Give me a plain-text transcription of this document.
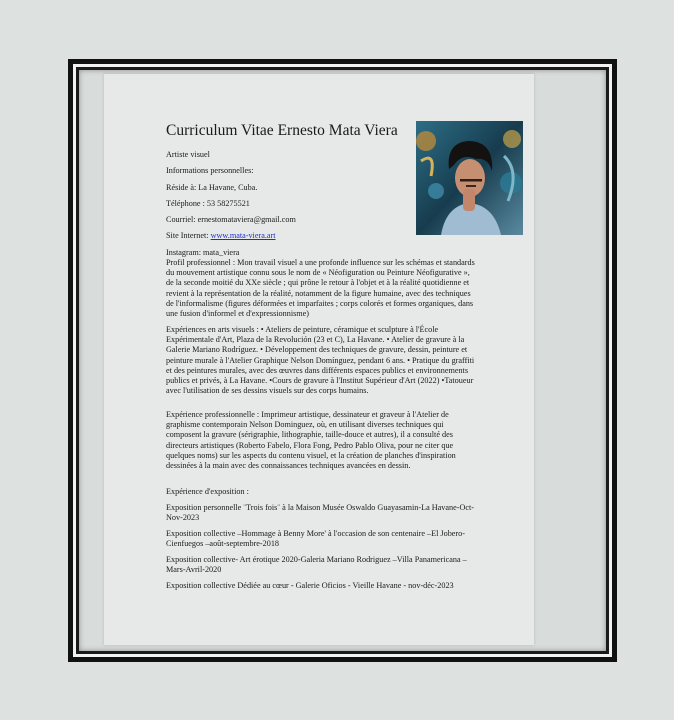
Curriculum Vitae Ernesto Mata Viera
Artiste visuel
Informations personnelles:
Réside à: La Havane, Cuba.
Téléphone : 53 58275521
Courriel: ernestomataviera@gmail.com
Site Internet: www.mata-viera.art
Instagram: mata_viera
Profil professionnel : Mon travail visuel a une profonde influence sur les schémas et standards du mouvement artistique connu sous le nom de « Néofiguration ou Peinture Néofigurative », de la seconde moitié du XXe siècle ; qui prône le retour à l'objet et à la réalité quotidienne et revient à la représentation de la réalité, notamment de la figure humaine, avec des techniques de l'informalisme (figures déformées et imparfaites ; corps colorés et formes organiques, dans une fusion d'informel et d'expressionnisme)
Expériences en arts visuels : • Ateliers de peinture, céramique et sculpture à l'École Expérimentale d'Art, Plaza de la Revolución (23 et C), La Havane. • Atelier de gravure à la Galerie Mariano Rodríguez. • Développement des techniques de gravure, dessin, peinture et peinture murale à l'Atelier Graphique Nelson Domínguez, pendant 6 ans. • Pratique du graffiti et des peintures murales, avec des œuvres dans différents espaces publics et environnements publics et privés, à La Havane. •Cours de gravure à l'Institut Supérieur d'Art (2022) •Tatoueur avec l'utilisation de ses dessins visuels sur des corps humains.
Expérience professionnelle : Imprimeur artistique, dessinateur et graveur à l'Atelier de graphisme contemporain Nelson Dominguez, où, en utilisant diverses techniques qui composent la gravure (sérigraphie, lithographie, taille-douce et autres), il a consulté des directeurs artistiques (Roberto Fabelo, Flora Fong, Pedro Pablo Oliva, pour ne citer que quelques noms) sur les aspects du contenu visuel, et la création de planches d'inspiration dessinées à la main avec des connaissances techniques avancées en dessin.
Expérience d'exposition :
Exposition personnelle ¨Trois fois¨ à la Maison Musée Oswaldo Guayasamin-La Havane-Oct-Nov-2023
Exposition collective –Hommage à Benny More' à l'occasion de son centenaire –El Jobero-Cienfuegos –août-septembre-2018
Exposition collective- Art érotique 2020-Galeria Mariano Rodriguez –Villa Panamericana –Mars-Avril-2020
Exposition collective Dédiée au cœur - Galerie Oficios - Vieille Havane - nov-déc-2023
